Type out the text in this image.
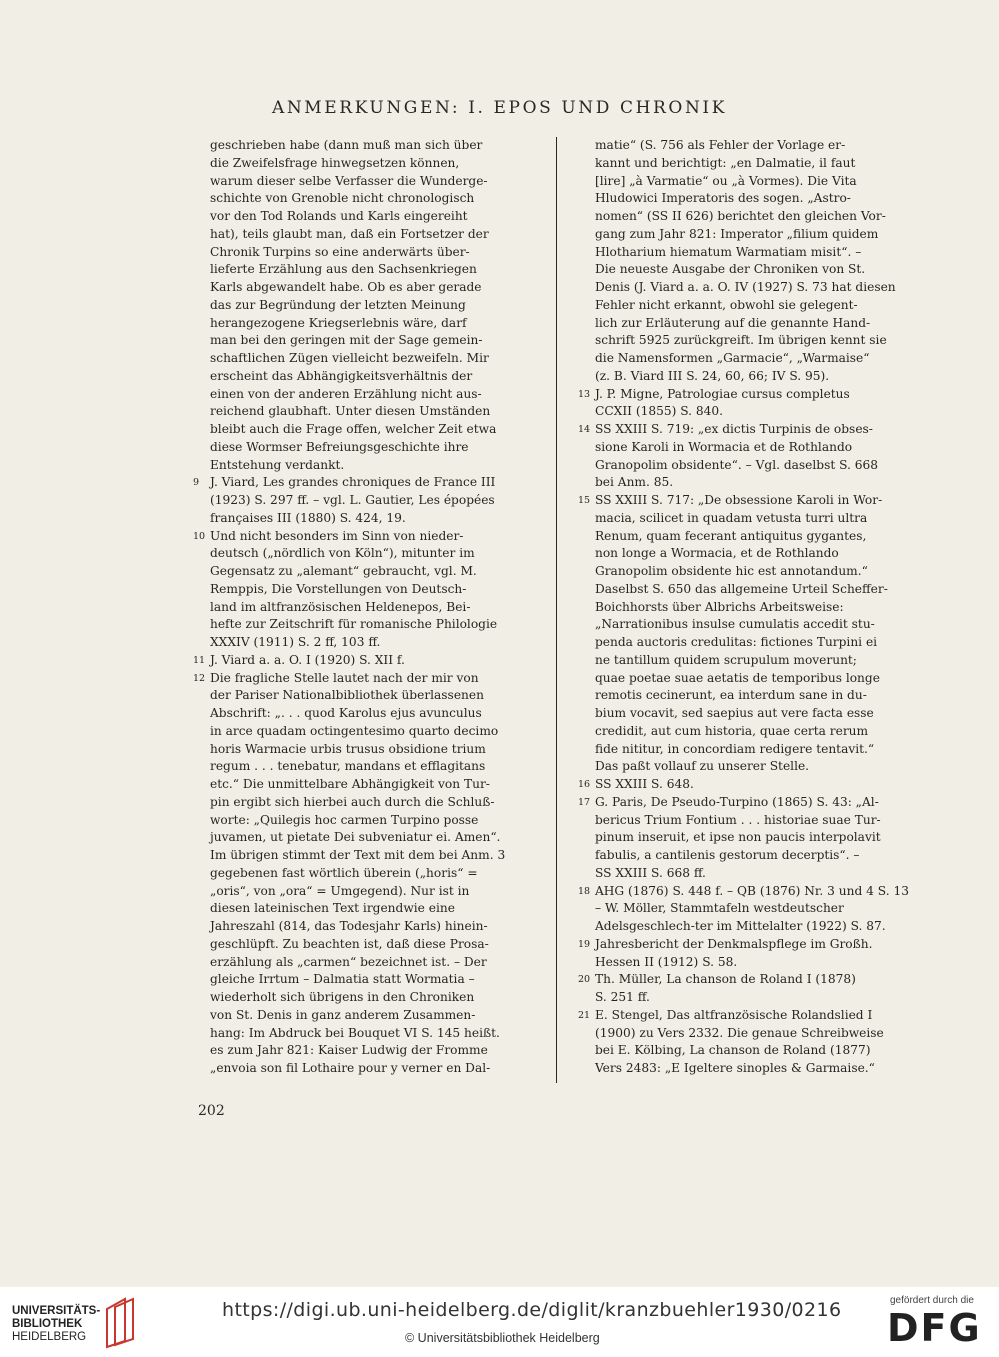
ANMERKUNGEN: I. EPOS UND CHRONIK
geschrieben habe (dann muß man sich über
die Zweifelsfrage hinwegsetzen können,
warum dieser selbe Verfasser die Wunderge-
schichte von Grenoble nicht chronologisch
vor den Tod Rolands und Karls eingereiht
hat), teils glaubt man, daß ein Fortsetzer der
Chronik Turpins so eine anderwärts über-
lieferte Erzählung aus den Sachsenkriegen
Karls abgewandelt habe. Ob es aber gerade
das zur Begründung der letzten Meinung
herangezogene Kriegserlebnis wäre, darf
man bei den geringen mit der Sage gemein-
schaftlichen Zügen vielleicht bezweifeln. Mir
erscheint das Abhängigkeitsverhältnis der
einen von der anderen Erzählung nicht aus-
reichend glaubhaft. Unter diesen Umständen
bleibt auch die Frage offen, welcher Zeit etwa
diese Wormser Befreiungsgeschichte ihre
Entstehung verdankt.
9 J. Viard, Les grandes chroniques de France III
(1923) S. 297 ff. – vgl. L. Gautier, Les épopées
françaises III (1880) S. 424, 19.
10 Und nicht besonders im Sinn von nieder-
deutsch („nördlich von Köln“), mitunter im
Gegensatz zu „alemant“ gebraucht, vgl. M.
Remppis, Die Vorstellungen von Deutsch-
land im altfranzösischen Heldenepos, Bei-
hefte zur Zeitschrift für romanische Philologie
XXXIV (1911) S. 2 ff, 103 ff.
11 J. Viard a. a. O. I (1920) S. XII f.
12 Die fragliche Stelle lautet nach der mir von
der Pariser Nationalbibliothek überlassenen
Abschrift: „. . . quod Karolus ejus avunculus
in arce quadam octingentesimo quarto decimo
horis Warmacie urbis trusus obsidione trium
regum . . . tenebatur, mandans et efflagitans
etc.“ Die unmittelbare Abhängigkeit von Tur-
pin ergibt sich hierbei auch durch die Schluß-
worte: „Quilegis hoc carmen Turpino posse
juvamen, ut pietate Dei subveniatur ei. Amen“.
Im übrigen stimmt der Text mit dem bei Anm. 3
gegebenen fast wörtlich überein („horis“ =
„oris“, von „ora“ = Umgegend). Nur ist in
diesen lateinischen Text irgendwie eine
Jahreszahl (814, das Todesjahr Karls) hinein-
geschlüpft. Zu beachten ist, daß diese Prosa-
erzählung als „carmen“ bezeichnet ist. – Der
gleiche Irrtum – Dalmatia statt Wormatia –
wiederholt sich übrigens in den Chroniken
von St. Denis in ganz anderem Zusammen-
hang: Im Abdruck bei Bouquet VI S. 145 heißt.
es zum Jahr 821: Kaiser Ludwig der Fromme
„envoia son fil Lothaire pour y verner en Dal-
matie“ (S. 756 als Fehler der Vorlage er-
kannt und berichtigt: „en Dalmatie, il faut
[lire] „à Varmatie“ ou „à Vormes). Die Vita
Hludowici Imperatoris des sogen. „Astro-
nomen“ (SS II 626) berichtet den gleichen Vor-
gang zum Jahr 821: Imperator „filium quidem
Hlotharium hiematum Warmatiam misit“. –
Die neueste Ausgabe der Chroniken von St.
Denis (J. Viard a. a. O. IV (1927) S. 73 hat diesen
Fehler nicht erkannt, obwohl sie gelegent-
lich zur Erläuterung auf die genannte Hand-
schrift 5925 zurückgreift. Im übrigen kennt sie
die Namensformen „Garmacie“, „Warmaise“
(z. B. Viard III S. 24, 60, 66; IV S. 95).
13 J. P. Migne, Patrologiae cursus completus
CCXII (1855) S. 840.
14 SS XXIII S. 719: „ex dictis Turpinis de obses-
sione Karoli in Wormacia et de Rothlando
Granopolim obsidente“. – Vgl. daselbst S. 668
bei Anm. 85.
15 SS XXIII S. 717: „De obsessione Karoli in Wor-
macia, scilicet in quadam vetusta turri ultra
Renum, quam fecerant antiquitus gygantes,
non longe a Wormacia, et de Rothlando
Granopolim obsidente hic est annotandum.“
Daselbst S. 650 das allgemeine Urteil Scheffer-
Boichhorsts über Albrichs Arbeitsweise:
„Narrationibus insulse cumulatis accedit stu-
penda auctoris credulitas: fictiones Turpini ei
ne tantillum quidem scrupulum moverunt;
quae poetae suae aetatis de temporibus longe
remotis cecinerunt, ea interdum sane in du-
bium vocavit, sed saepius aut vere facta esse
credidit, aut cum historia, quae certa rerum
fide nititur, in concordiam redigere tentavit.“
Das paßt vollauf zu unserer Stelle.
16 SS XXIII S. 648.
17 G. Paris, De Pseudo-Turpino (1865) S. 43: „Al-
bericus Trium Fontium . . . historiae suae Tur-
pinum inseruit, et ipse non paucis interpolavit
fabulis, a cantilenis gestorum decerptis“. –
SS XXIII S. 668 ff.
18 AHG (1876) S. 448 f. – QB (1876) Nr. 3 und 4 S. 13
– W. Möller, Stammtafeln westdeutscher
Adelsgeschlech-ter im Mittelalter (1922) S. 87.
19 Jahresbericht der Denkmalspflege im Großh.
Hessen II (1912) S. 58.
20 Th. Müller, La chanson de Roland I (1878)
S. 251 ff.
21 E. Stengel, Das altfranzösische Rolandslied I
(1900) zu Vers 2332. Die genaue Schreibweise
bei E. Kölbing, La chanson de Roland (1877)
Vers 2483: „E Igeltere sinoples & Garmaise.“
202
UNIVERSITÄTS-
BIBLIOTHEK
HEIDELBERG
https://digi.ub.uni-heidelberg.de/diglit/kranzbuehler1930/0216
© Universitätsbibliothek Heidelberg
gefördert durch die
DFG
